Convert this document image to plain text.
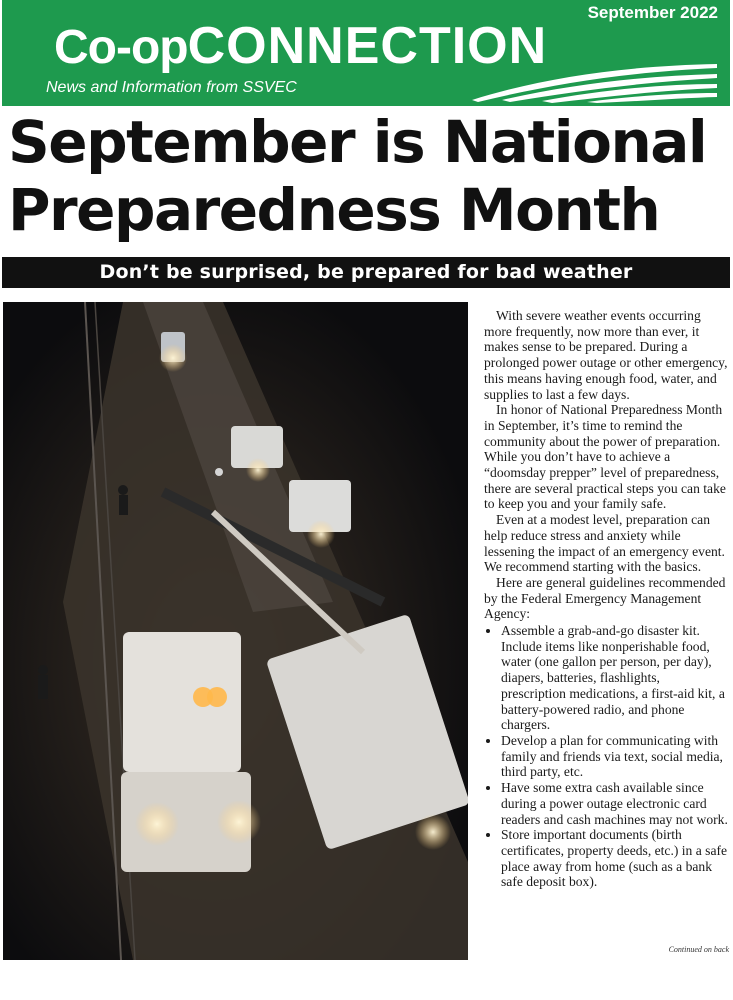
September 2022
Co-opCONNECTION
News and Information from SSVEC
September is National
Preparedness Month
Don’t be surprised, be prepared for bad weather

With severe weather events occurring more frequently, now more than ever, it makes sense to be prepared. During a prolonged power outage or other emergency, this means having enough food, water, and supplies to last a few days.

In honor of National Preparedness Month in September, it’s time to remind the community about the power of preparation. While you don’t have to achieve a “doomsday prepper” level of preparedness, there are several practical steps you can take to keep you and your family safe.

Even at a modest level, preparation can help reduce stress and anxiety while lessening the impact of an emergency event. We recommend starting with the basics.

Here are general guidelines recommended by the Federal Emergency Management Agency:

• Assemble a grab-and-go disaster kit. Include items like nonperishable food, water (one gallon per person, per day), diapers, batteries, flashlights, prescription medications, a first-aid kit, a battery-powered radio, and phone chargers.
• Develop a plan for communicating with family and friends via text, social media, third party, etc.
• Have some extra cash available since during a power outage electronic card readers and cash machines may not work.
• Store important documents (birth certificates, property deeds, etc.) in a safe place away from home (such as a bank safe deposit box).
Continued on back
